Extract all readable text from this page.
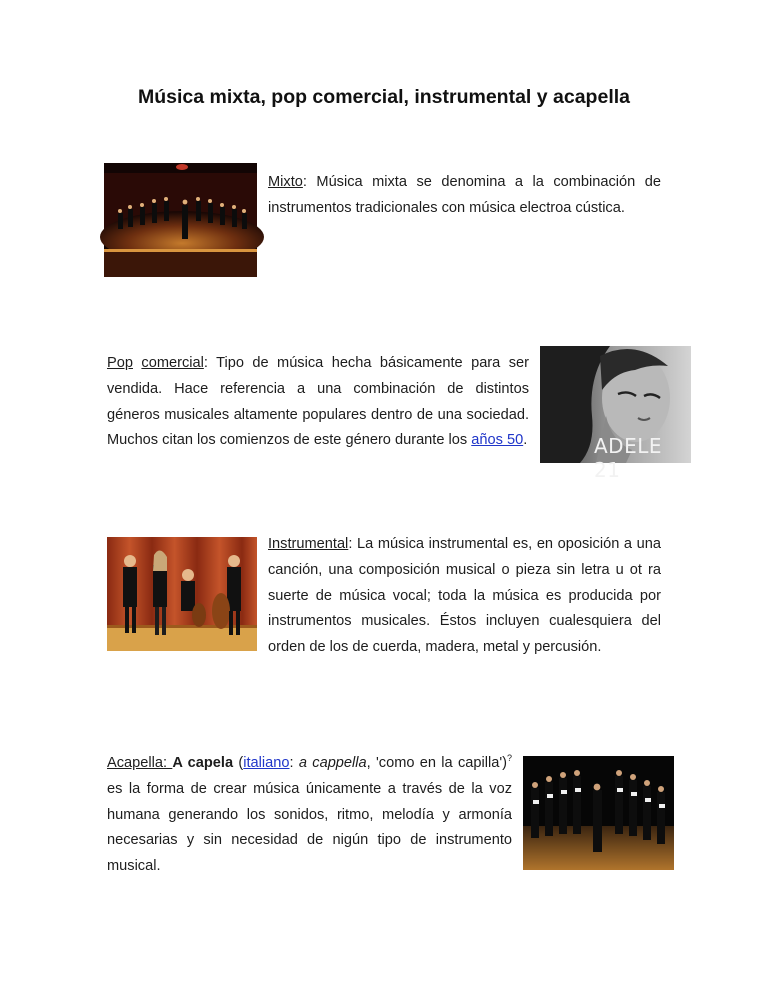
Música mixta, pop comercial, instrumental y acapella
Mixto: Música mixta se denomina a la combinación de instrumentos tradicionales con música electroa cústica.
Pop comercial: Tipo de música hecha básicamente para ser vendida. Hace referencia a una combinación de distintos géneros musicales altamente populares dentro de una sociedad. Muchos citan los comienzos de este género durante los años 50.	ADELE 21
Instrumental: La música instrumental es, en oposición a una canción, una composición musical o pieza sin letra u ot ra suerte de música vocal; toda la música es producida por instrumentos musicales. Éstos incluyen cualesquiera del orden de los de cuerda, madera, metal y percusión.
Acapella: A capela (italiano: a cappella, 'como en la capilla')? es la forma de crear música únicamente a través de la voz humana generando los sonidos, ritmo, melodía y armonía necesarias y sin necesidad de nigún tipo de instrumento musical.
